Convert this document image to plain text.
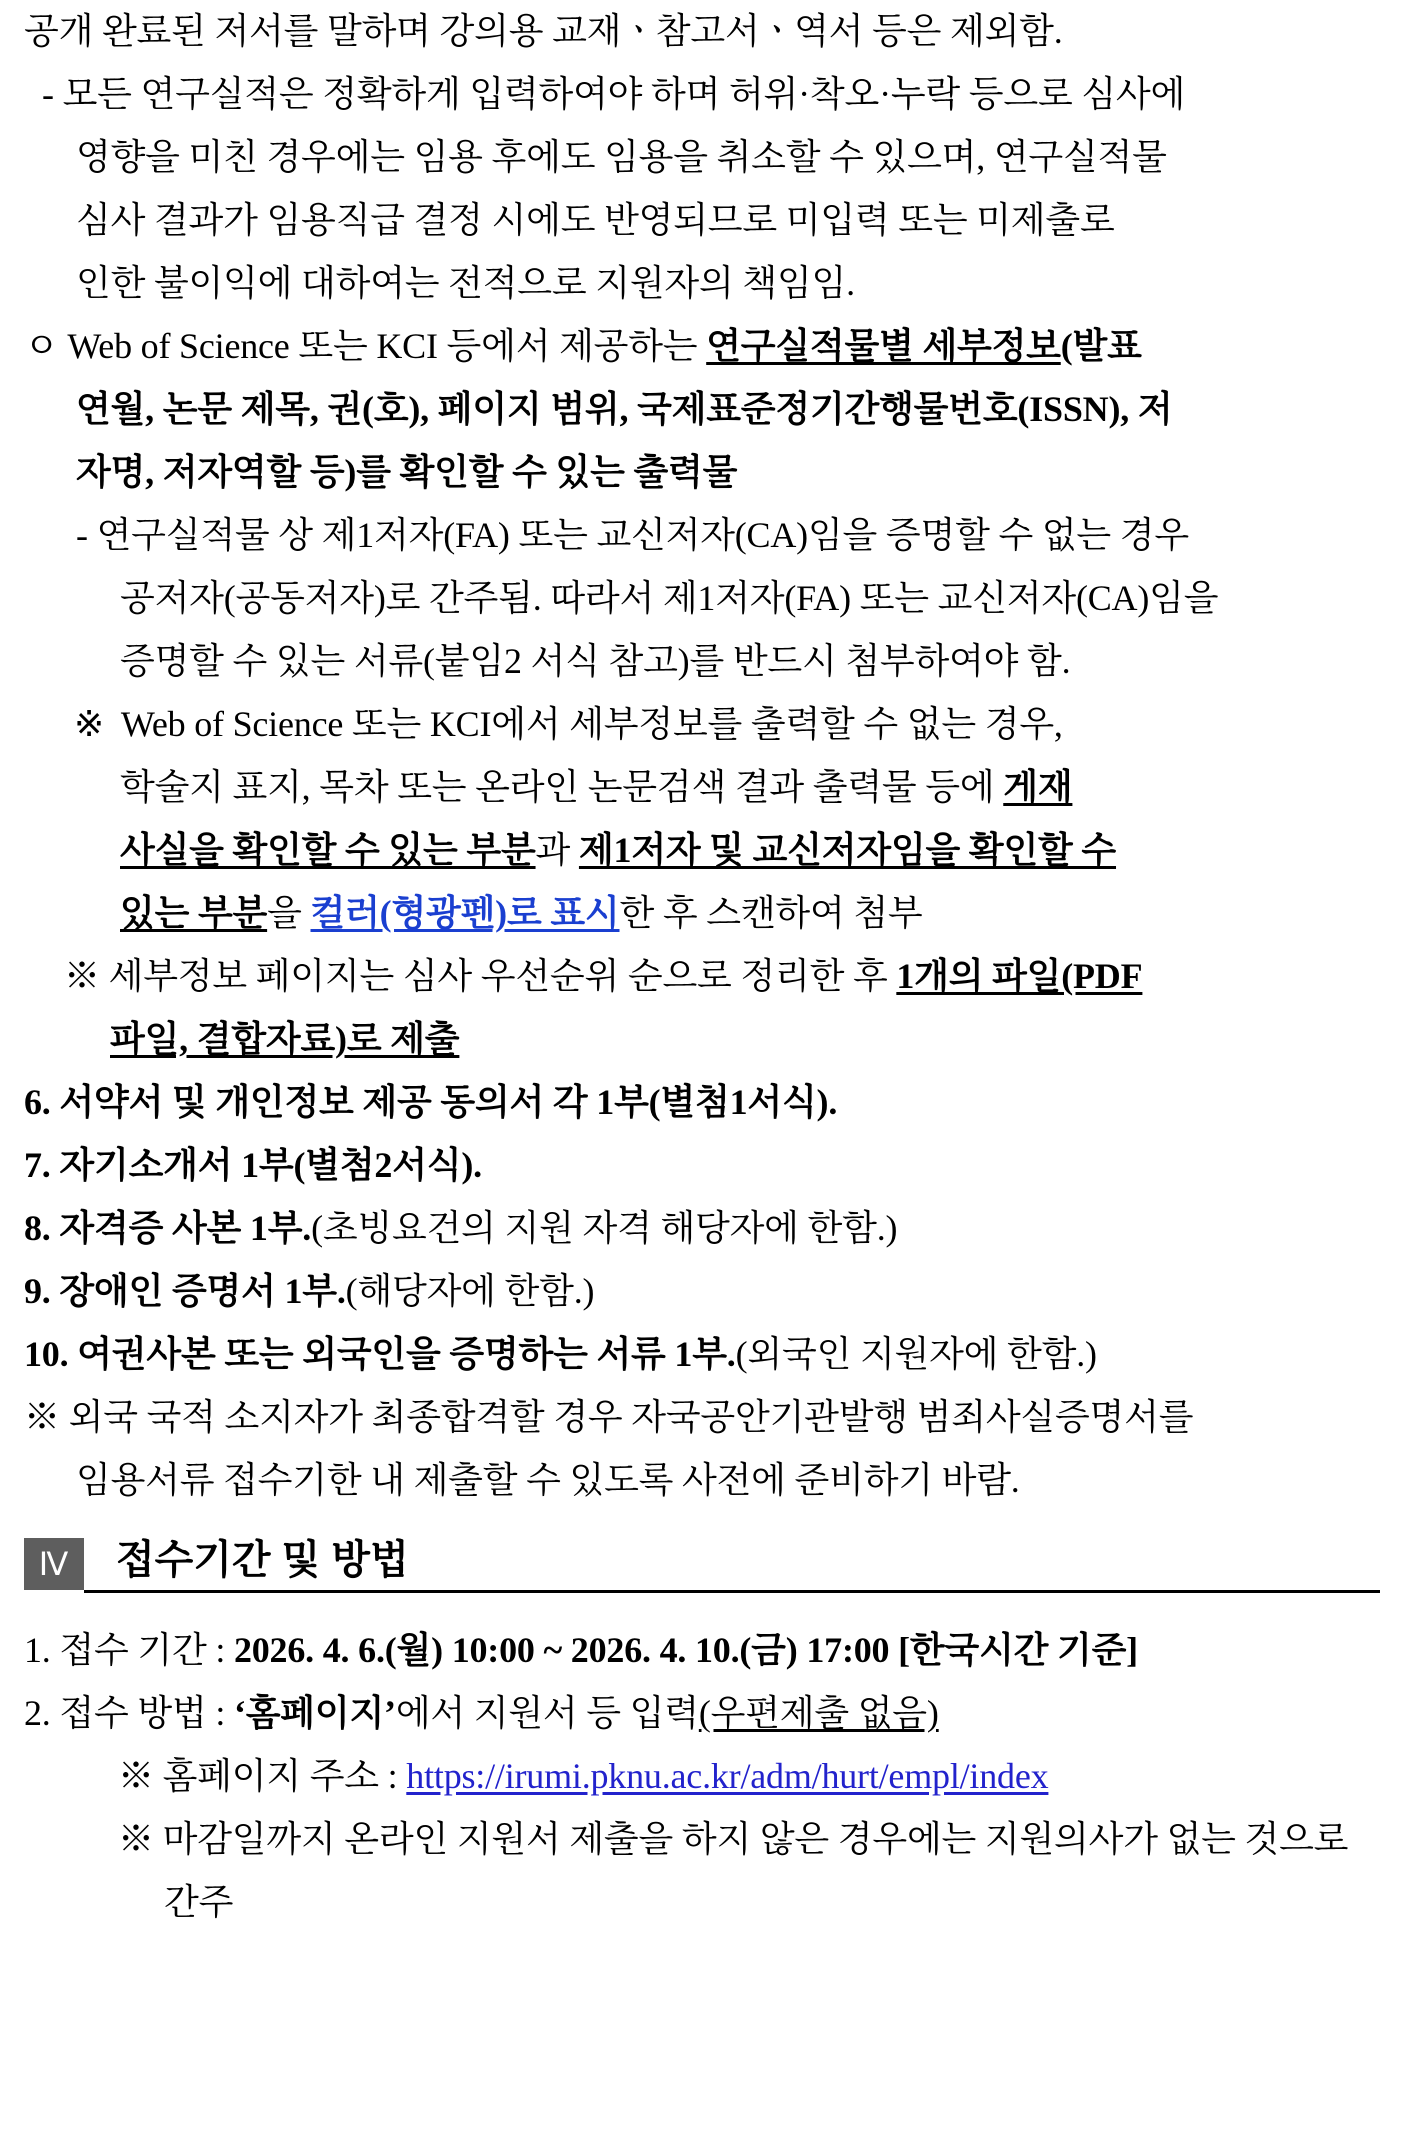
공개 완료된 저서를 말하며 강의용 교재ㆍ참고서ㆍ역서 등은 제외함.
- 모든 연구실적은 정확하게 입력하여야 하며 허위·착오·누락 등으로 심사에
영향을 미친 경우에는 임용 후에도 임용을 취소할 수 있으며, 연구실적물
심사 결과가 임용직급 결정 시에도 반영되므로 미입력 또는 미제출로
인한 불이익에 대하여는 전적으로 지원자의 책임임.
ㅇ Web of Science 또는 KCI 등에서 제공하는 연구실적물별 세부정보(발표
연월, 논문 제목, 권(호), 페이지 범위, 국제표준정기간행물번호(ISSN), 저
자명, 저자역할 등)를 확인할 수 있는 출력물
- 연구실적물 상 제1저자(FA) 또는 교신저자(CA)임을 증명할 수 없는 경우
공저자(공동저자)로 간주됨. 따라서 제1저자(FA) 또는 교신저자(CA)임을
증명할 수 있는 서류(붙임2 서식 참고)를 반드시 첨부하여야 함.
※ Web of Science 또는 KCI에서 세부정보를 출력할 수 없는 경우,
학술지 표지, 목차 또는 온라인 논문검색 결과 출력물 등에 게재
사실을 확인할 수 있는 부분과 제1저자 및 교신저자임을 확인할 수
있는 부분을 컬러(형광펜)로 표시한 후 스캔하여 첨부
※ 세부정보 페이지는 심사 우선순위 순으로 정리한 후 1개의 파일(PDF
파일, 결합자료)로 제출
6. 서약서 및 개인정보 제공 동의서 각 1부(별첨1서식).
7. 자기소개서 1부(별첨2서식).
8. 자격증 사본 1부.(초빙요건의 지원 자격 해당자에 한함.)
9. 장애인 증명서 1부.(해당자에 한함.)
10. 여권사본 또는 외국인을 증명하는 서류 1부.(외국인 지원자에 한함.)
※ 외국 국적 소지자가 최종합격할 경우 자국공안기관발행 범죄사실증명서를
임용서류 접수기한 내 제출할 수 있도록 사전에 준비하기 바람.
Ⅳ	접수기간 및 방법
1. 접수 기간 : 2026. 4. 6.(월) 10:00 ~ 2026. 4. 10.(금) 17:00 [한국시간 기준]
2. 접수 방법 : ‘홈페이지’에서 지원서 등 입력(우편제출 없음)
※ 홈페이지 주소 : https://irumi.pknu.ac.kr/adm/hurt/empl/index
※ 마감일까지 온라인 지원서 제출을 하지 않은 경우에는 지원의사가 없는 것으로 간주
